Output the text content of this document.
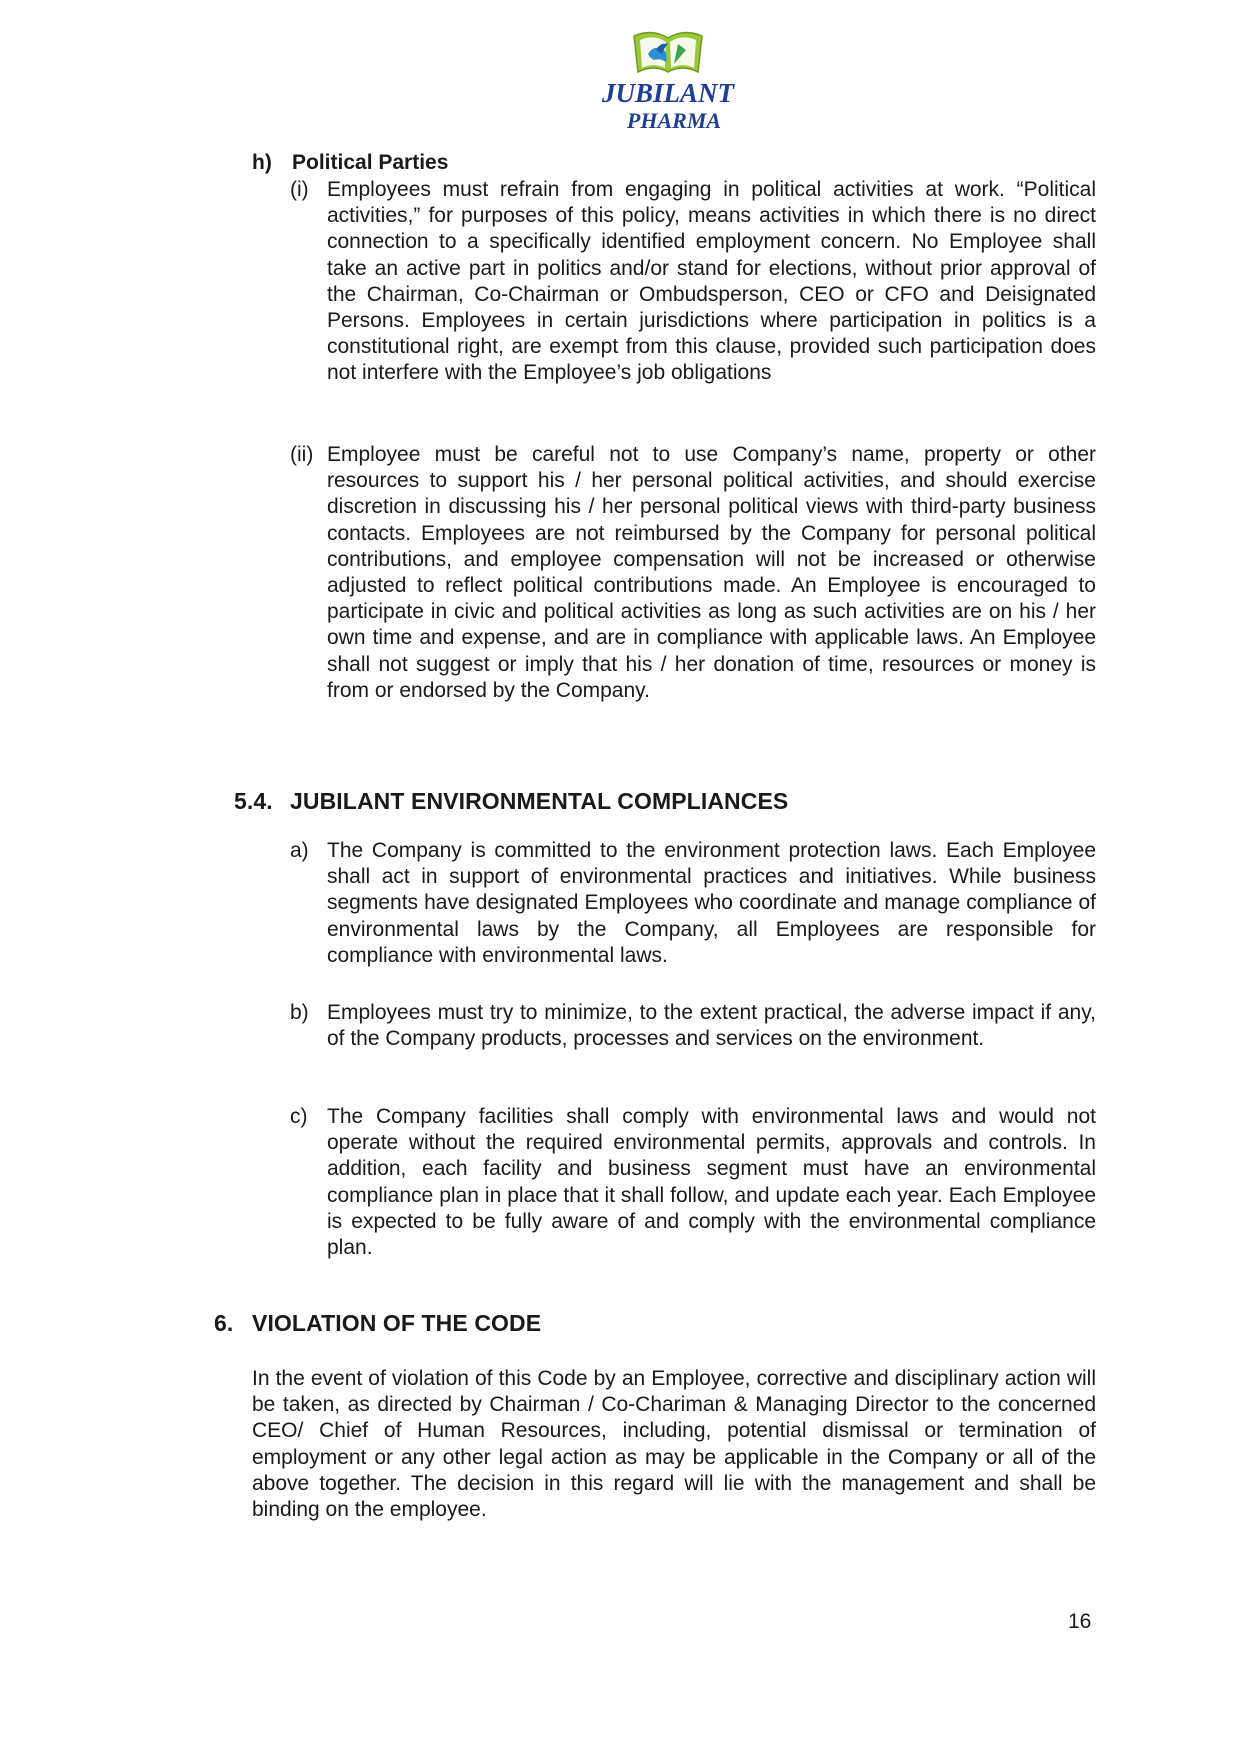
JUBILANT
PHARMA
h) Political Parties
(i) Employees must refrain from engaging in political activities at work. “Political activities,” for purposes of this policy, means activities in which there is no direct connection to a specifically identified employment concern. No Employee shall take an active part in politics and/or stand for elections, without prior approval of the Chairman, Co-Chairman or Ombudsperson, CEO or CFO and Deisignated Persons. Employees in certain jurisdictions where participation in politics is a constitutional right, are exempt from this clause, provided such participation does not interfere with the Employee’s job obligations
(ii) Employee must be careful not to use Company’s name, property or other resources to support his / her personal political activities, and should exercise discretion in discussing his / her personal political views with third-party business contacts. Employees are not reimbursed by the Company for personal political contributions, and employee compensation will not be increased or otherwise adjusted to reflect political contributions made. An Employee is encouraged to participate in civic and political activities as long as such activities are on his / her own time and expense, and are in compliance with applicable laws. An Employee shall not suggest or imply that his / her donation of time, resources or money is from or endorsed by the Company.
5.4. JUBILANT ENVIRONMENTAL COMPLIANCES
a) The Company is committed to the environment protection laws. Each Employee shall act in support of environmental practices and initiatives. While business segments have designated Employees who coordinate and manage compliance of environmental laws by the Company, all Employees are responsible for compliance with environmental laws.
b) Employees must try to minimize, to the extent practical, the adverse impact if any, of the Company products, processes and services on the environment.
c) The Company facilities shall comply with environmental laws and would not operate without the required environmental permits, approvals and controls. In addition, each facility and business segment must have an environmental compliance plan in place that it shall follow, and update each year. Each Employee is expected to be fully aware of and comply with the environmental compliance plan.
6. VIOLATION OF THE CODE
In the event of violation of this Code by an Employee, corrective and disciplinary action will be taken, as directed by Chairman / Co-Chariman & Managing Director to the concerned CEO/ Chief of Human Resources, including, potential dismissal or termination of employment or any other legal action as may be applicable in the Company or all of the above together. The decision in this regard will lie with the management and shall be binding on the employee.
16
